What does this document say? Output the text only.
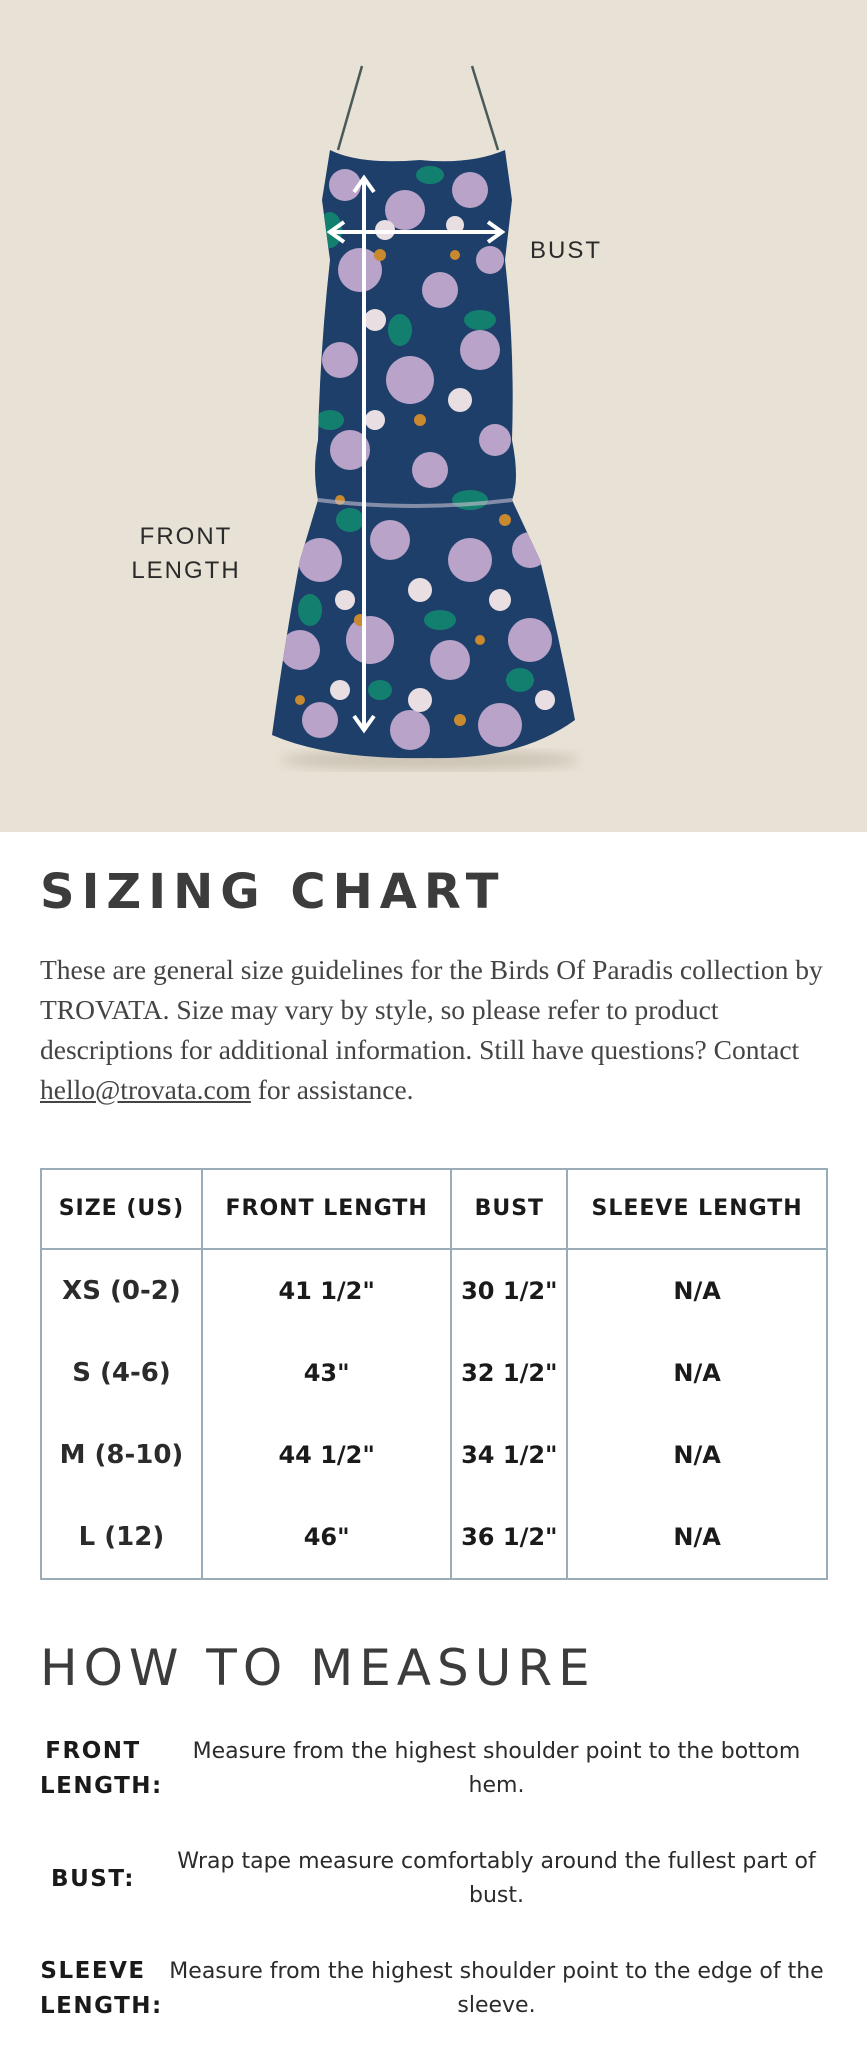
BUST
FRONT LENGTH
SIZING CHART

These are general size guidelines for the Birds Of Paradis collection by TROVATA. Size may vary by style, so please refer to product descriptions for additional information. Still have questions? Contact hello@trovata.com for assistance.

SIZE (US)	FRONT LENGTH	BUST	SLEEVE LENGTH
XS (0-2)	41 1/2"	30 1/2"	N/A
S (4-6)	43"	32 1/2"	N/A
M (8-10)	44 1/2"	34 1/2"	N/A
L (12)	46"	36 1/2"	N/A
HOW TO MEASURE
FRONT LENGTH:
Measure from the highest shoulder point to the bottom hem.
BUST:
Wrap tape measure comfortably around the fullest part of bust.
SLEEVE LENGTH:
Measure from the highest shoulder point to the edge of the sleeve.
